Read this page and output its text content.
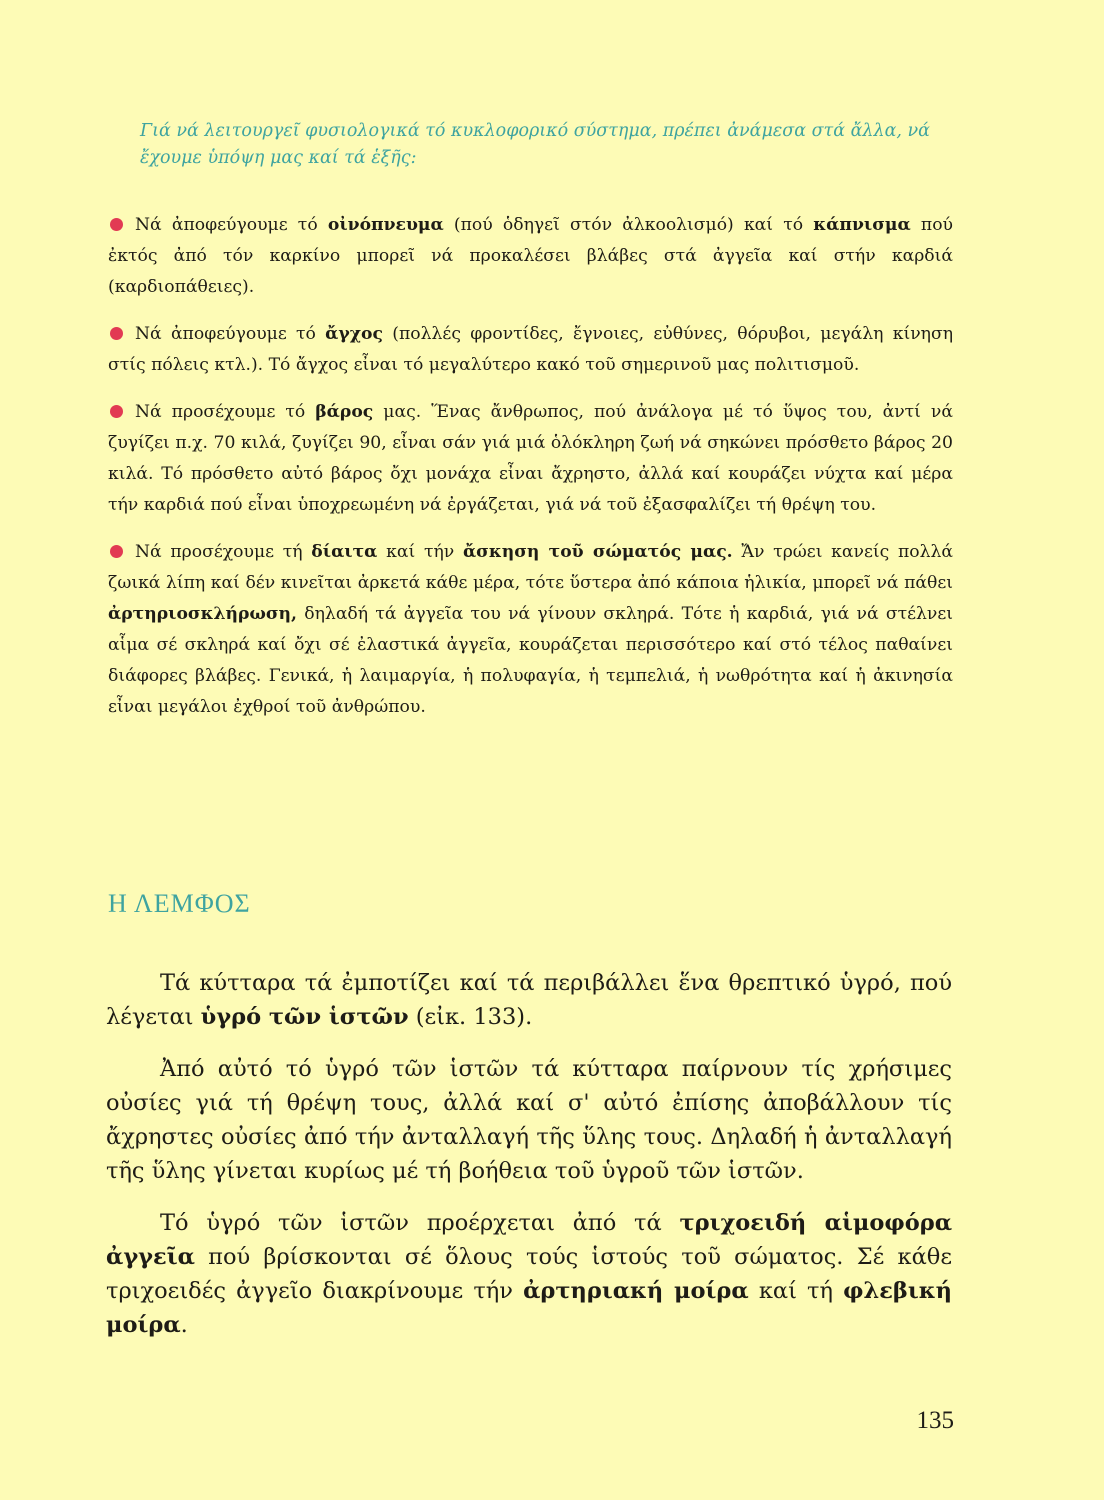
Γιά νά λειτουργεῖ φυσιολογικά τό κυκλοφορικό σύστημα, πρέπει ἀνάμεσα στά ἄλλα, νά ἔχουμε ὑπόψη μας καί τά ἑξῆς:

Νά ἀποφεύγουμε τό οἰνόπνευμα (πού ὁδηγεῖ στόν ἀλκοολισμό) καί τό κάπνισμα πού ἐκτός ἀπό τόν καρκίνο μπορεῖ νά προκαλέσει βλάβες στά ἀγγεῖα καί στήν καρδιά (καρδιοπάθειες).

Νά ἀποφεύγουμε τό ἄγχος (πολλές φροντίδες, ἔγνοιες, εὐθύνες, θόρυβοι, μεγάλη κίνηση στίς πόλεις κτλ.). Τό ἄγχος εἶναι τό μεγαλύτερο κακό τοῦ σημερινοῦ μας πολιτισμοῦ.

Νά προσέχουμε τό βάρος μας. Ἕνας ἄνθρωπος, πού ἀνάλογα μέ τό ὕψος του, ἀντί νά ζυγίζει π.χ. 70 κιλά, ζυγίζει 90, εἶναι σάν γιά μιά ὁλόκληρη ζωή νά σηκώνει πρόσθετο βάρος 20 κιλά. Τό πρόσθετο αὐτό βάρος ὄχι μονάχα εἶναι ἄχρηστο, ἀλλά καί κουράζει νύχτα καί μέρα τήν καρδιά πού εἶναι ὑποχρεωμένη νά ἐργάζεται, γιά νά τοῦ ἐξασφαλίζει τή θρέψη του.

Νά προσέχουμε τή δίαιτα καί τήν ἄσκηση τοῦ σώματός μας. Ἄν τρώει κανείς πολλά ζωικά λίπη καί δέν κινεῖται ἀρκετά κάθε μέρα, τότε ὕστερα ἀπό κάποια ἡλικία, μπορεῖ νά πάθει ἀρτηριοσκλήρωση, δηλαδή τά ἀγγεῖα του νά γίνουν σκληρά. Τότε ἡ καρδιά, γιά νά στέλνει αἷμα σέ σκληρά καί ὄχι σέ ἐλαστικά ἀγγεῖα, κουράζεται περισσότερο καί στό τέλος παθαίνει διάφορες βλάβες. Γενικά, ἡ λαιμαργία, ἡ πολυφαγία, ἡ τεμπελιά, ἡ νωθρότητα καί ἡ ἀκινησία εἶναι μεγάλοι ἐχθροί τοῦ ἀνθρώπου.

Η ΛΕΜΦΟΣ

Τά κύτταρα τά ἐμποτίζει καί τά περιβάλλει ἕνα θρεπτικό ὑγρό, πού λέγεται ὑγρό τῶν ἱστῶν (εἰκ. 133).

Ἀπό αὐτό τό ὑγρό τῶν ἱστῶν τά κύτταρα παίρνουν τίς χρήσιμες οὐσίες γιά τή θρέψη τους, ἀλλά καί σ' αὐτό ἐπίσης ἀποβάλλουν τίς ἄχρηστες οὐσίες ἀπό τήν ἀνταλλαγή τῆς ὕλης τους. Δηλαδή ἡ ἀνταλλαγή τῆς ὕλης γίνεται κυρίως μέ τή βοήθεια τοῦ ὑγροῦ τῶν ἱστῶν.

Τό ὑγρό τῶν ἱστῶν προέρχεται ἀπό τά τριχοειδή αἱμοφόρα ἀγγεῖα πού βρίσκονται σέ ὅλους τούς ἱστούς τοῦ σώματος. Σέ κάθε τριχοειδές ἀγγεῖο διακρίνουμε τήν ἀρτηριακή μοίρα καί τή φλεβική μοίρα.

135
